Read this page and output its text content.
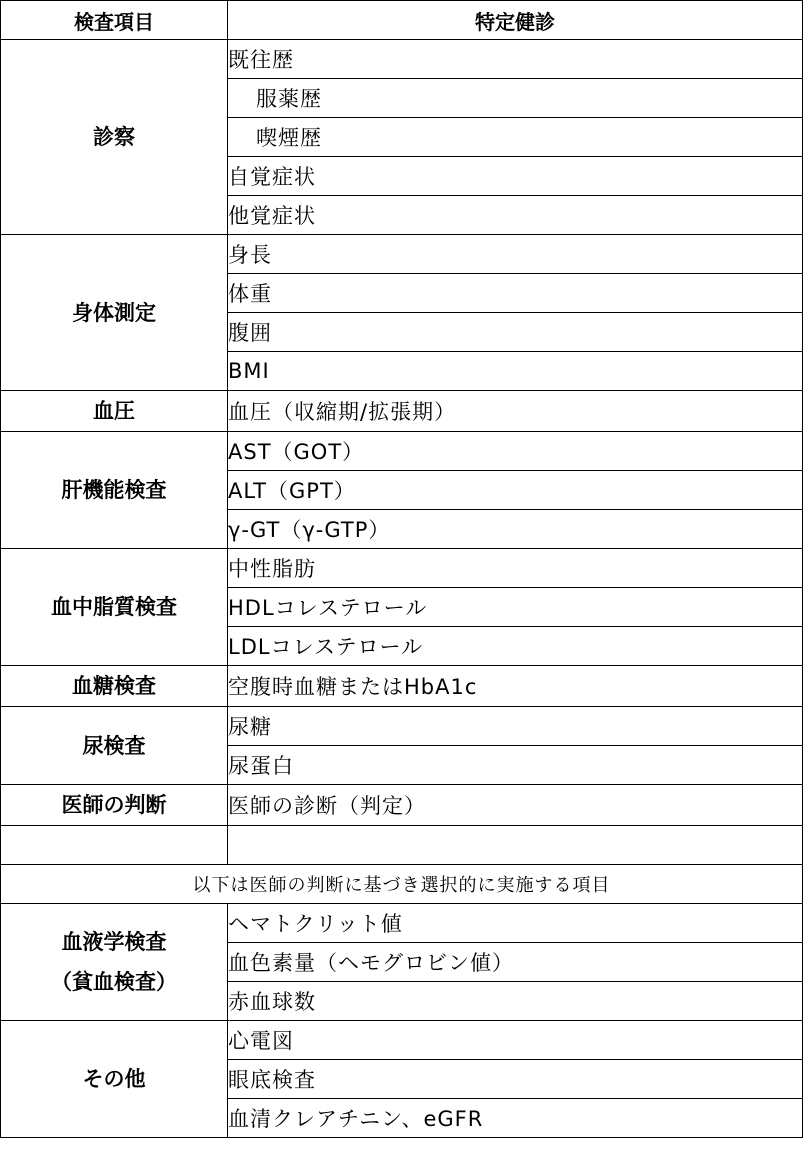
検査項目	特定健診
診察	既往歴
	服薬歴
	喫煙歴
	自覚症状
	他覚症状
身体測定	身長
	体重
	腹囲
	BMI
血圧	血圧（収縮期/拡張期）
肝機能検査	AST（GOT）
	ALT（GPT）
	γ-GT（γ-GTP）
血中脂質検査	中性脂肪
	HDLコレステロール
	LDLコレステロール
血糖検査	空腹時血糖またはHbA1c
尿検査	尿糖
	尿蛋白
医師の判断	医師の診断（判定）

以下は医師の判断に基づき選択的に実施する項目	

血液学検査
（貧血検査）	ヘマトクリット値
	血色素量（ヘモグロビン値）
	赤血球数
その他	心電図
	眼底検査
	血清クレアチニン、eGFR
